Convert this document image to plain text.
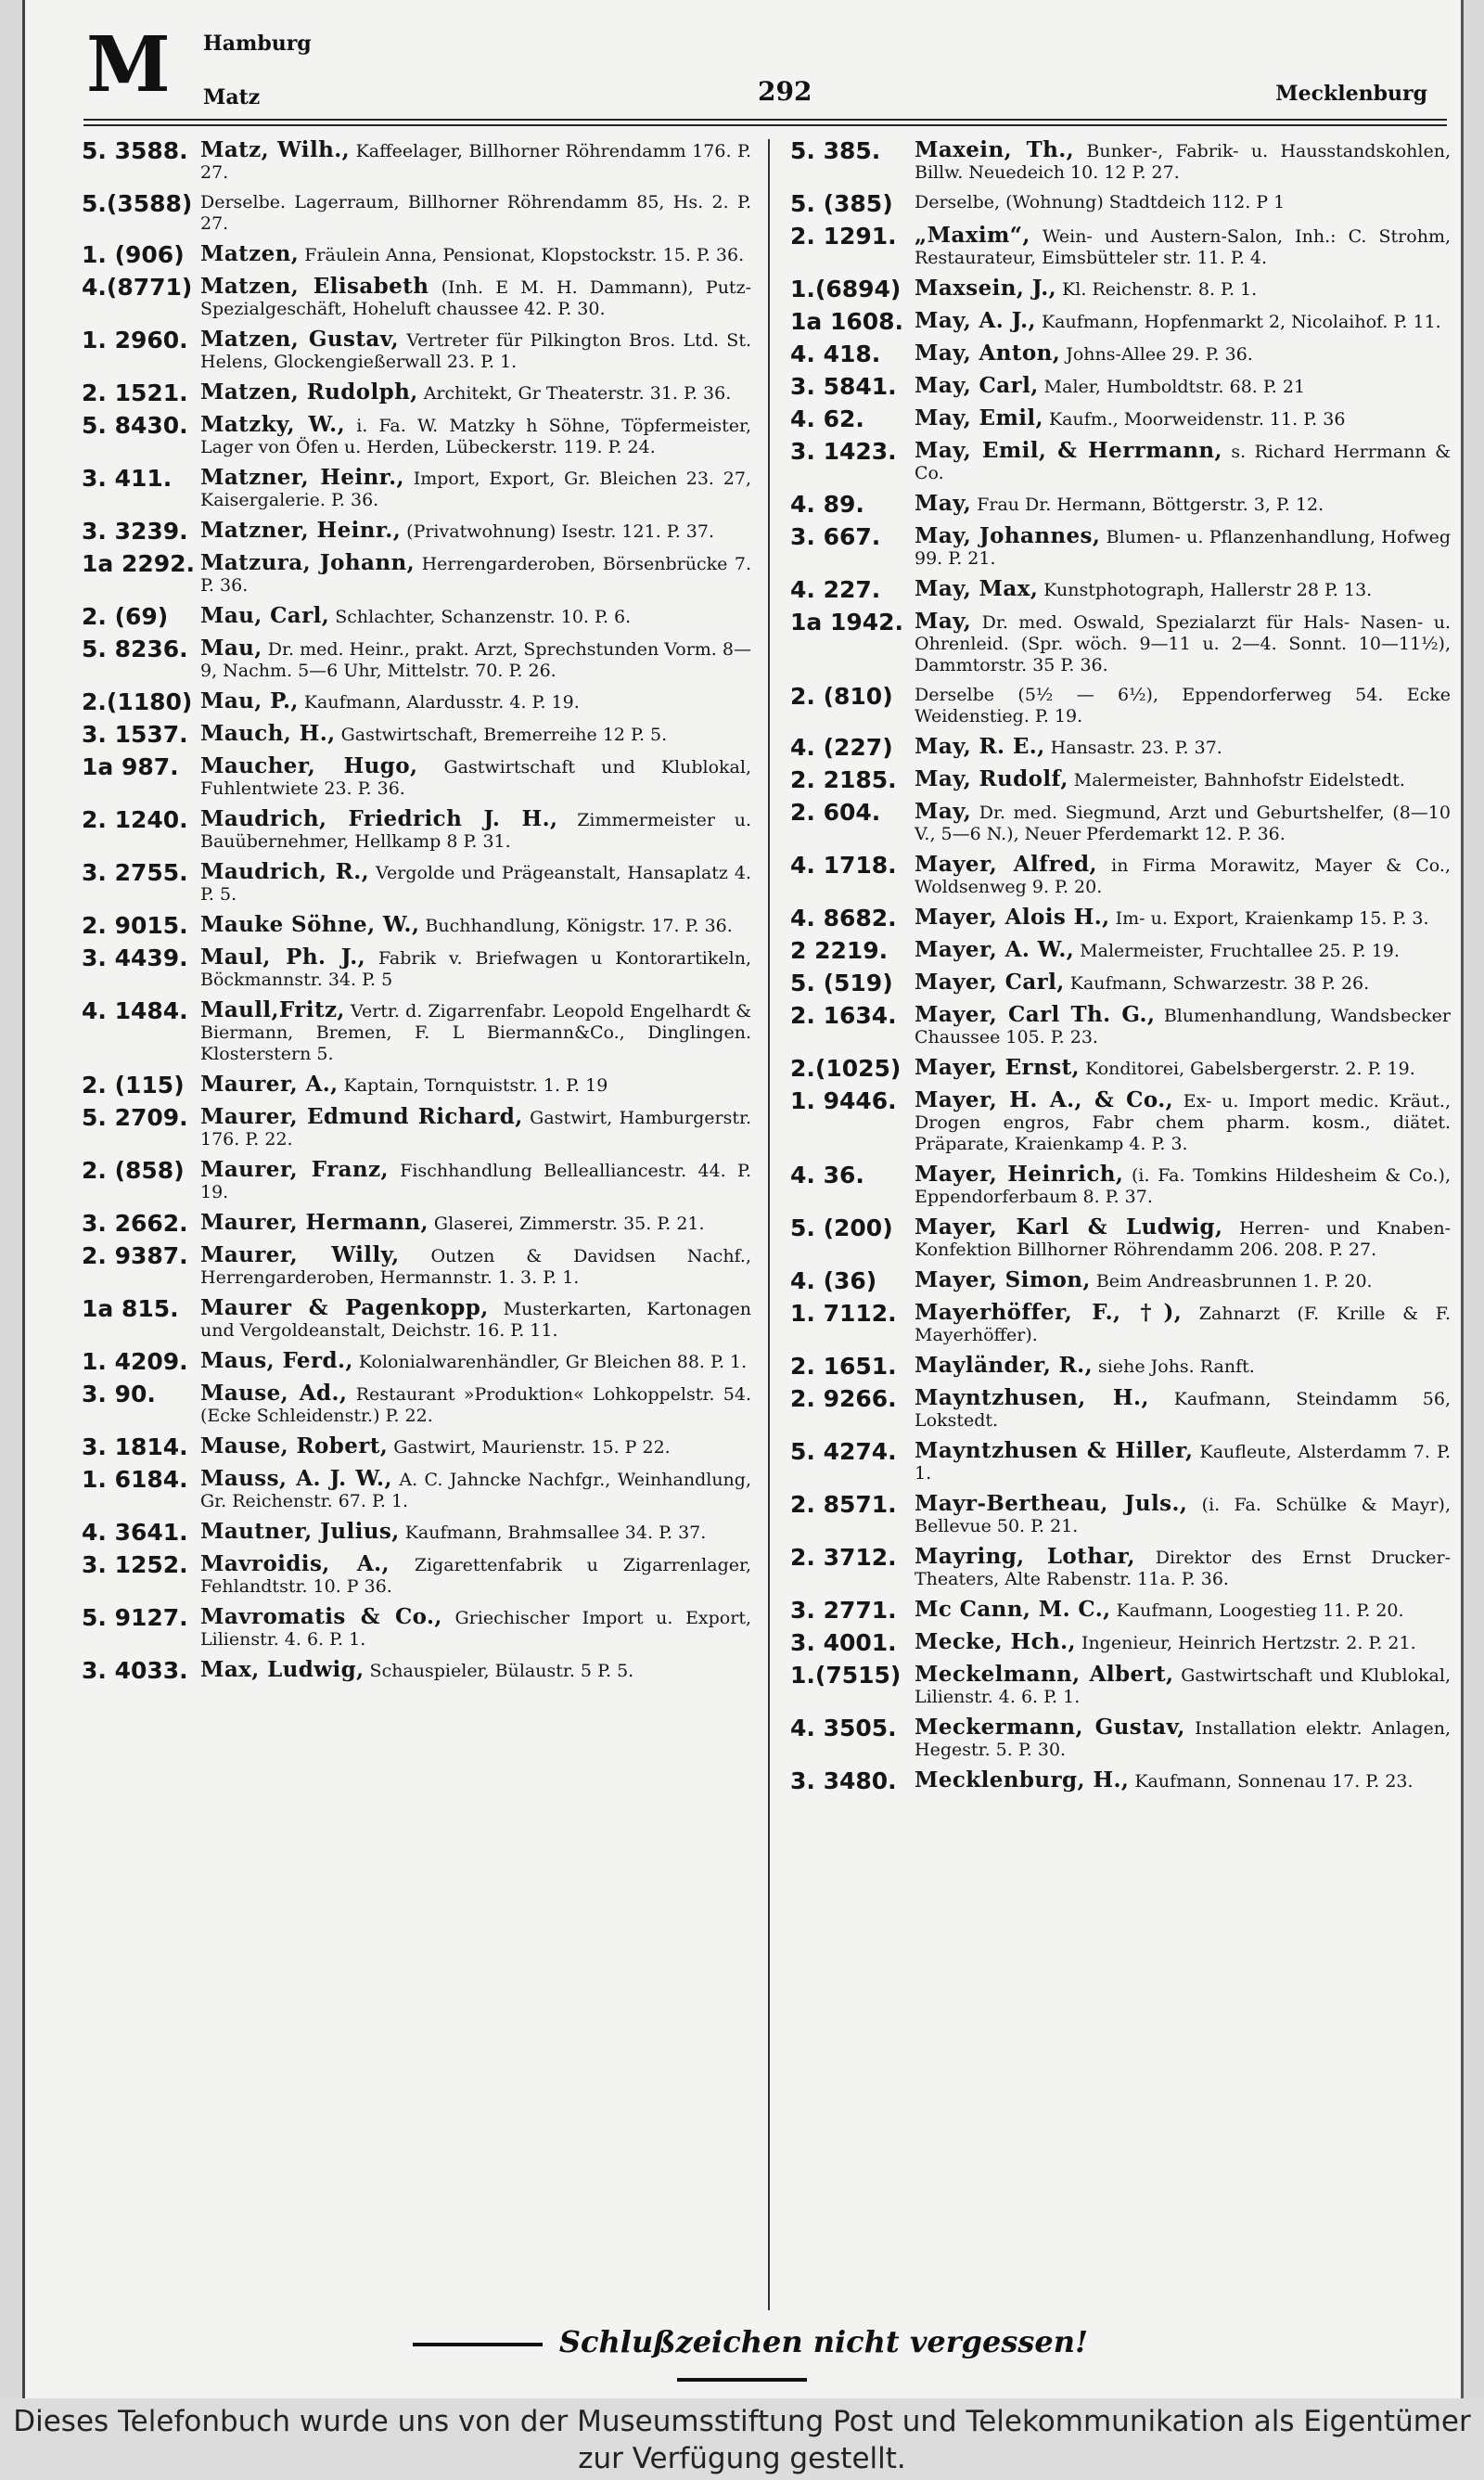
M Hamburg
Matz	292	Mecklenburg
5. 3588. Matz, Wilh., Kaffeelager, Billhorner Röhrendamm 176. P. 27.
5.(3588) Derselbe. Lagerraum, Billhorner Röhrendamm 85, Hs. 2. P. 27.
1. (906) Matzen, Fräulein Anna, Pensionat, Klopstockstr. 15. P. 36.
4.(8771) Matzen, Elisabeth (Inh. E M. H. Dammann), Putz-Spezialgeschäft, Hoheluft chaussee 42. P. 30.
1. 2960. Matzen, Gustav, Vertreter für Pilkington Bros. Ltd. St. Helens, Glockengießerwall 23. P. 1.
2. 1521. Matzen, Rudolph, Architekt, Gr Theaterstr. 31. P. 36.
5. 8430. Matzky, W., i. Fa. W. Matzky h Söhne, Töpfermeister, Lager von Öfen u. Herden, Lübeckerstr. 119. P. 24.
3. 411.	Matzner, Heinr., Import, Export, Gr. Bleichen 23. 27, Kaisergalerie. P. 36.
3. 3239. Matzner, Heinr., (Privatwohnung) Isestr. 121. P. 37.
1a 2292. Matzura, Johann, Herrengarderoben, Börsenbrücke 7. P. 36.
2. (69)	Mau, Carl, Schlachter, Schanzenstr. 10. P. 6.
5. 8236. Mau, Dr. med. Heinr., prakt. Arzt, Sprechstunden Vorm. 8—9, Nachm. 5—6 Uhr, Mittelstr. 70. P. 26.
2.(1180) Mau, P., Kaufmann, Alardusstr. 4. P. 19.
3. 1537. Mauch, H., Gastwirtschaft, Bremerreihe 12 P. 5.
1a 987.	Maucher, Hugo, Gastwirtschaft und Klublokal, Fuhlentwiete 23. P. 36.
2. 1240. Maudrich, Friedrich J. H., Zimmermeister u. Bauübernehmer, Hellkamp 8 P. 31.
3. 2755. Maudrich, R., Vergolde und Prägeanstalt, Hansaplatz 4. P. 5.
2. 9015. Mauke Söhne, W., Buchhandlung, Königstr. 17. P. 36.
3. 4439. Maul, Ph. J., Fabrik v. Briefwagen u Kontorartikeln, Böckmannstr. 34. P. 5
4. 1484. Maull,Fritz, Vertr. d. Zigarrenfabr. Leopold Engelhardt & Biermann, Bremen, F. L Biermann&Co., Dinglingen. Klosterstern 5.
2. (115) Maurer, A., Kaptain, Tornquiststr. 1. P. 19
5. 2709. Maurer, Edmund Richard, Gastwirt, Hamburgerstr. 176. P. 22.
2. (858) Maurer, Franz, Fischhandlung Bellealliancestr. 44. P. 19.
3. 2662. Maurer, Hermann, Glaserei, Zimmerstr. 35. P. 21.
2. 9387. Maurer, Willy, Outzen & Davidsen Nachf., Herrengarderoben, Hermannstr. 1. 3. P. 1.
1a 815.	Maurer & Pagenkopp, Musterkarten, Kartonagen und Vergoldeanstalt, Deichstr. 16. P. 11.
1. 4209. Maus, Ferd., Kolonialwarenhändler, Gr Bleichen 88. P. 1.
3. 90.	Mause, Ad., Restaurant »Produktion« Lohkoppelstr. 54. (Ecke Schleidenstr.) P. 22.
3. 1814. Mause, Robert, Gastwirt, Maurienstr. 15. P 22.
1. 6184. Mauss, A. J. W., A. C. Jahncke Nachfgr., Weinhandlung, Gr. Reichenstr. 67. P. 1.
4. 3641. Mautner, Julius, Kaufmann, Brahmsallee 34. P. 37.
3. 1252. Mavroidis, A., Zigarettenfabrik u Zigarrenlager, Fehlandtstr. 10. P 36.
5. 9127. Mavromatis & Co., Griechischer Import u. Export, Lilienstr. 4. 6. P. 1.
3. 4033. Max, Ludwig, Schauspieler, Bülaustr. 5 P. 5.
5. 385.	Maxein, Th., Bunker-, Fabrik- u. Hausstandskohlen, Billw. Neuedeich 10. 12 P. 27.
5. (385)	Derselbe, (Wohnung) Stadtdeich 112. P 1
2. 1291. „Maxim“, Wein- und Austern-Salon, Inh.: C. Strohm, Restaurateur, Eimsbütteler str. 11. P. 4.
1.(6894) Maxsein, J., Kl. Reichenstr. 8. P. 1.
1a 1608. May, A. J., Kaufmann, Hopfenmarkt 2, Nicolaihof. P. 11.
4. 418.	May, Anton, Johns-Allee 29. P. 36.
3. 5841. May, Carl, Maler, Humboldtstr. 68. P. 21
4. 62.	May, Emil, Kaufm., Moorweidenstr. 11. P. 36
3. 1423. May, Emil, & Herrmann, s. Richard Herrmann & Co.
4. 89.	May, Frau Dr. Hermann, Böttgerstr. 3, P. 12.
3. 667.	May, Johannes, Blumen- u. Pflanzenhandlung, Hofweg 99. P. 21.
4. 227.	May, Max, Kunstphotograph, Hallerstr 28 P. 13.
1a 1942. May, Dr. med. Oswald, Spezialarzt für Hals- Nasen- u. Ohrenleid. (Spr. wöch. 9—11 u. 2—4. Sonnt. 10—11½), Dammtorstr. 35 P. 36.
2. (810)	Derselbe (5½ — 6½), Eppendorferweg 54. Ecke Weidenstieg. P. 19.
4. (227)	May, R. E., Hansastr. 23. P. 37.
2. 2185. May, Rudolf, Malermeister, Bahnhofstr Eidelstedt.
2. 604.	May, Dr. med. Siegmund, Arzt und Geburtshelfer, (8—10 V., 5—6 N.), Neuer Pferdemarkt 12. P. 36.
4. 1718. Mayer, Alfred, in Firma Morawitz, Mayer & Co., Woldsenweg 9. P. 20.
4. 8682. Mayer, Alois H., Im- u. Export, Kraienkamp 15. P. 3.
2 2219.	Mayer, A. W., Malermeister, Fruchtallee 25. P. 19.
5. (519)	Mayer, Carl, Kaufmann, Schwarzestr. 38 P. 26.
2. 1634. Mayer, Carl Th. G., Blumenhandlung, Wandsbecker Chaussee 105. P. 23.
2.(1025) Mayer, Ernst, Konditorei, Gabelsbergerstr. 2. P. 19.
1. 9446. Mayer, H. A., & Co., Ex- u. Import medic. Kräut., Drogen engros, Fabr chem pharm. kosm., diätet. Präparate, Kraienkamp 4. P. 3.
4. 36.	Mayer, Heinrich, (i. Fa. Tomkins Hildesheim & Co.), Eppendorferbaum 8. P. 37.
5. (200)	Mayer, Karl & Ludwig, Herren- und Knaben-Konfektion Billhorner Röhrendamm 206. 208. P. 27.
4. (36)	Mayer, Simon, Beim Andreasbrunnen 1. P. 20.
1. 7112. Mayerhöffer, F., †), Zahnarzt (F. Krille & F. Mayerhöffer).
2. 1651. Mayländer, R., siehe Johs. Ranft.
2. 9266. Mayntzhusen, H., Kaufmann, Steindamm 56, Lokstedt.
5. 4274. Mayntzhusen & Hiller, Kaufleute, Alsterdamm 7. P. 1.
2. 8571. Mayr-Bertheau, Juls., (i. Fa. Schülke & Mayr), Bellevue 50. P. 21.
2. 3712. Mayring, Lothar, Direktor des Ernst Drucker-Theaters, Alte Rabenstr. 11a. P. 36.
3. 2771. Mc Cann, M. C., Kaufmann, Loogestieg 11. P. 20.
3. 4001. Mecke, Hch., Ingenieur, Heinrich Hertzstr. 2. P. 21.
1.(7515) Meckelmann, Albert, Gastwirtschaft und Klublokal, Lilienstr. 4. 6. P. 1.
4. 3505. Meckermann, Gustav, Installation elektr. Anlagen, Hegestr. 5. P. 30.
3. 3480. Mecklenburg, H., Kaufmann, Sonnenau 17. P. 23.
Schlußzeichen nicht vergessen!
Dieses Telefonbuch wurde uns von der Museumsstiftung Post und Telekommunikation als Eigentümer zur Verfügung gestellt.
